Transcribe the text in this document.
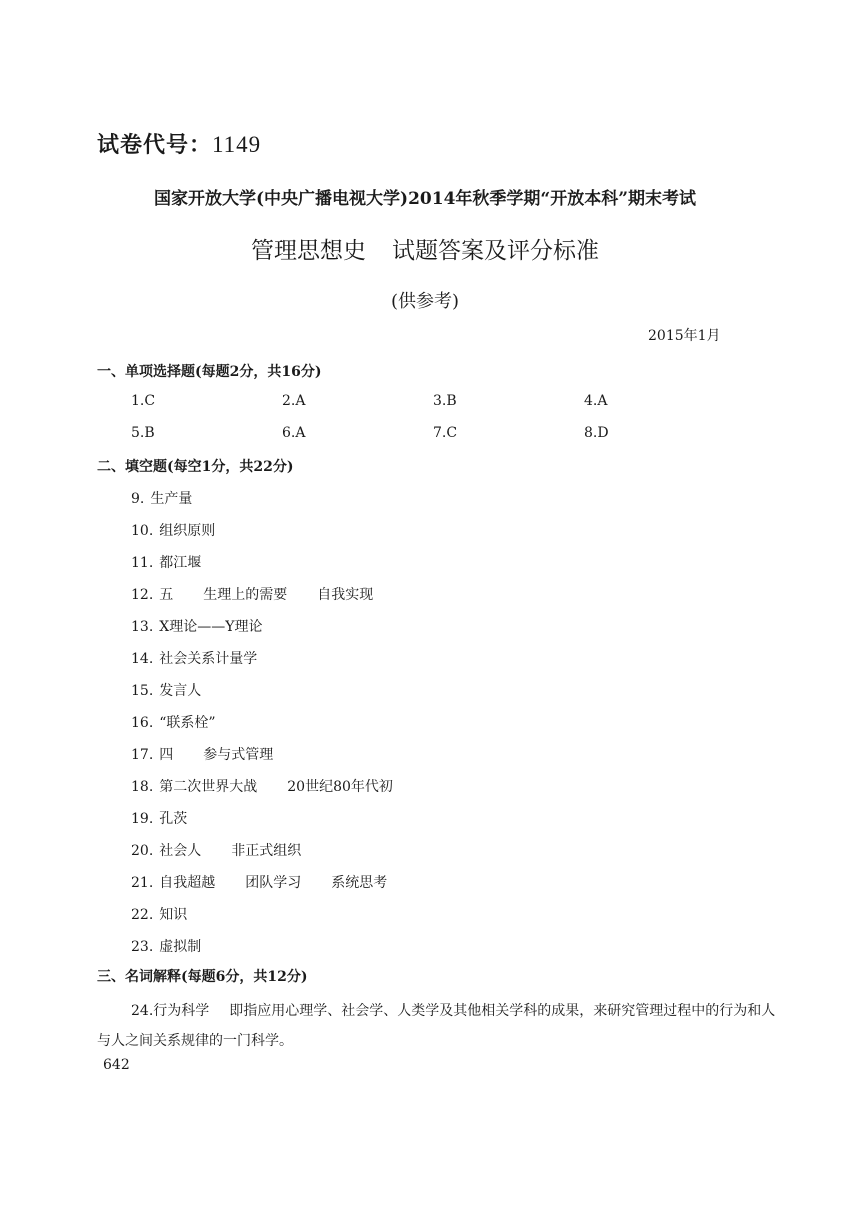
试卷代号：1149
国家开放大学(中央广播电视大学)2014年秋季学期“开放本科”期末考试
管理思想史 试题答案及评分标准
(供参考)
2015年1月
一、单项选择题(每题2分，共16分)
1.C	2.A	3.B	4.A
5.B	6.A	7.C	8.D
二、填空题(每空1分，共22分)
9. 生产量
10. 组织原则
11. 都江堰
12. 五 生理上的需要 自我实现
13. X理论——Y理论
14. 社会关系计量学
15. 发言人
16. “联系栓”
17. 四 参与式管理
18. 第二次世界大战 20世纪80年代初
19. 孔茨
20. 社会人 非正式组织
21. 自我超越 团队学习 系统思考
22. 知识
23. 虚拟制
三、名词解释(每题6分，共12分)
24.行为科学 即指应用心理学、社会学、人类学及其他相关学科的成果，来研究管理过程中的行为和人与人之间关系规律的一门科学。
642
